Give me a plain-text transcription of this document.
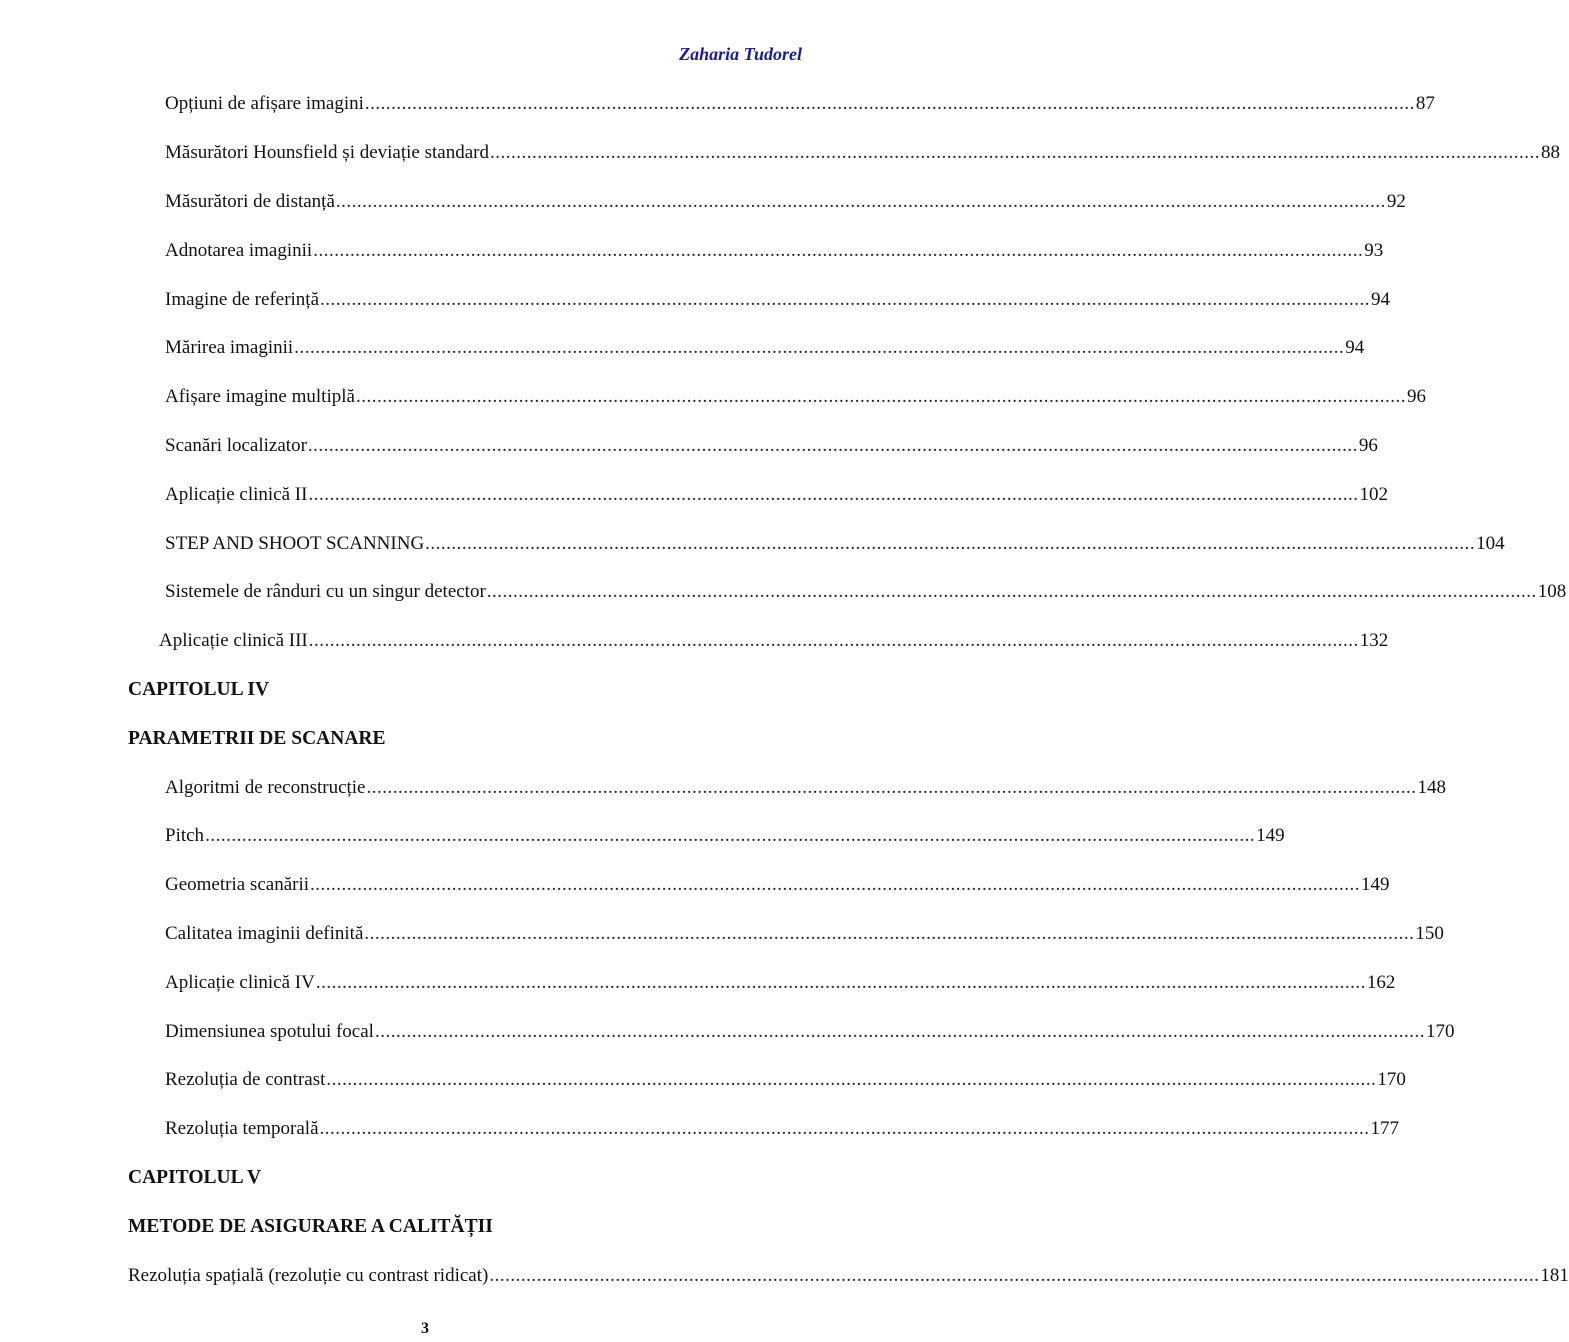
Zaharia Tudorel
Opțiuni de afișare imagini ........................................................................................................................................................................................................ 87
Măsurători Hounsfield și deviație standard ........................................................................................................................................................................................................ 88
Măsurători de distanță ........................................................................................................................................................................................................ 92
Adnotarea imaginii ........................................................................................................................................................................................................ 93
Imagine de referință ........................................................................................................................................................................................................ 94
Mărirea imaginii ........................................................................................................................................................................................................ 94
Afișare imagine multiplă ........................................................................................................................................................................................................ 96
Scanări localizator ........................................................................................................................................................................................................ 96
Aplicație clinică II ........................................................................................................................................................................................................ 102
STEP AND SHOOT SCANNING ........................................................................................................................................................................................................ 104
Sistemele de rânduri cu un singur detector ........................................................................................................................................................................................................ 108
Aplicație clinică III ........................................................................................................................................................................................................ 132
CAPITOLUL IV
PARAMETRII DE SCANARE
Algoritmi de reconstrucție ........................................................................................................................................................................................................ 148
Pitch ........................................................................................................................................................................................................ 149
Geometria scanării ........................................................................................................................................................................................................ 149
Calitatea imaginii definită ........................................................................................................................................................................................................ 150
Aplicație clinică IV ........................................................................................................................................................................................................ 162
Dimensiunea spotului focal ........................................................................................................................................................................................................ 170
Rezoluția de contrast ........................................................................................................................................................................................................ 170
Rezoluția temporală ........................................................................................................................................................................................................ 177
CAPITOLUL V
METODE DE ASIGURARE A CALITĂȚII
Rezoluția spațială (rezoluție cu contrast ridicat) ........................................................................................................................................................................................................ 181
3
